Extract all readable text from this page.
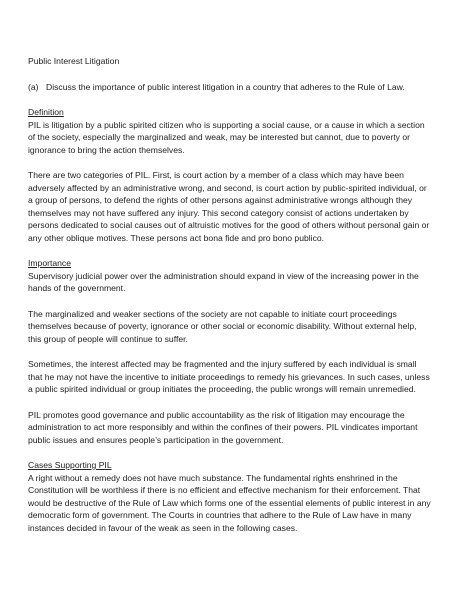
Public Interest Litigation

(a) Discuss the importance of public interest litigation in a country that adheres to the Rule of Law.

Definition

PIL is litigation by a public spirited citizen who is supporting a social cause, or a cause in which a section of the society, especially the marginalized and weak, may be interested but cannot, due to poverty or ignorance to bring the action themselves.

There are two categories of PIL. First, is court action by a member of a class which may have been adversely affected by an administrative wrong, and second, is court action by public-spirited individual, or a group of persons, to defend the rights of other persons against administrative wrongs although they themselves may not have suffered any injury. This second category consist of actions undertaken by persons dedicated to social causes out of altruistic motives for the good of others without personal gain or any other oblique motives. These persons act bona fide and pro bono publico.

Importance

Supervisory judicial power over the administration should expand in view of the increasing power in the hands of the government.

The marginalized and weaker sections of the society are not capable to initiate court proceedings themselves because of poverty, ignorance or other social or economic disability. Without external help, this group of people will continue to suffer.

Sometimes, the interest affected may be fragmented and the injury suffered by each individual is small that he may not have the incentive to initiate proceedings to remedy his grievances. In such cases, unless a public spirited individual or group initiates the proceeding, the public wrongs will remain unremedied.

PIL promotes good governance and public accountability as the risk of litigation may encourage the administration to act more responsibly and within the confines of their powers. PIL vindicates important public issues and ensures people’s participation in the government.

Cases Supporting PIL

A right without a remedy does not have much substance. The fundamental rights enshrined in the Constitution will be worthless if there is no efficient and effective mechanism for their enforcement. That would be destructive of the Rule of Law which forms one of the essential elements of public interest in any democratic form of government. The Courts in countries that adhere to the Rule of Law have in many instances decided in favour of the weak as seen in the following cases.
